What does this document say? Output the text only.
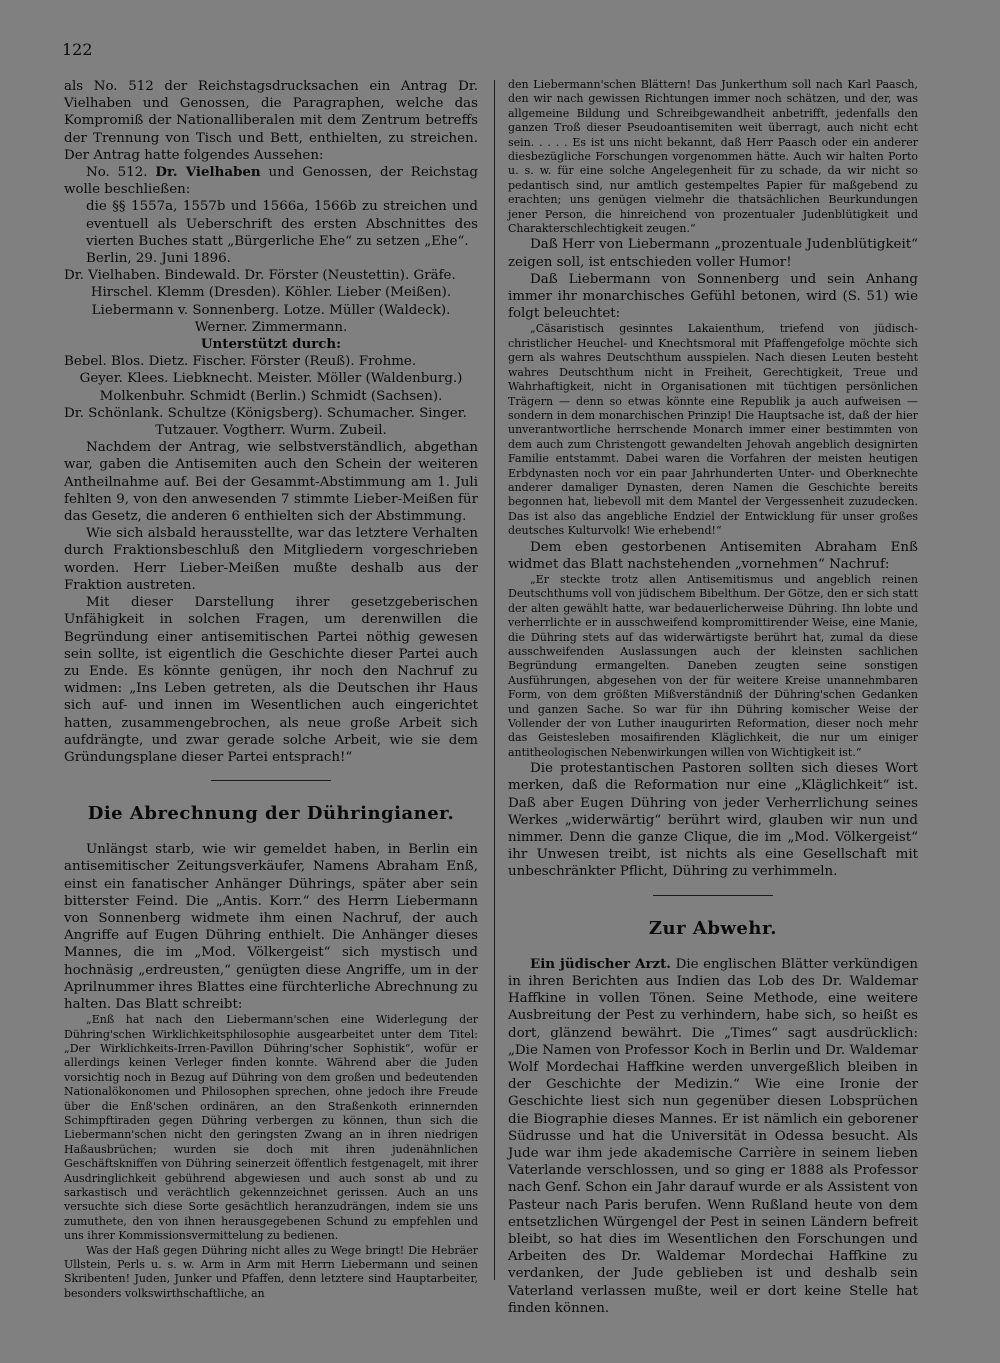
122

als No. 512 der Reichstagsdrucksachen ein Antrag Dr. Vielhaben und Genossen, die Paragraphen, welche das Kompromiß der Nationalliberalen mit dem Zentrum betreffs der Trennung von Tisch und Bett, enthielten, zu streichen. Der Antrag hatte folgendes Aussehen:

No. 512. Dr. Vielhaben und Genossen, der Reichstag wolle beschließen:

die §§ 1557a, 1557b und 1566a, 1566b zu streichen und eventuell als Ueberschrift des ersten Abschnittes des vierten Buches statt „Bürgerliche Ehe“ zu setzen „Ehe“.

Berlin, 29. Juni 1896.

Dr. Vielhaben. Bindewald. Dr. Förster (Neustettin). Gräfe.

Hirschel. Klemm (Dresden). Köhler. Lieber (Meißen).

Liebermann v. Sonnenberg. Lotze. Müller (Waldeck).

Werner. Zimmermann.

Unterstützt durch:

Bebel. Blos. Dietz. Fischer. Förster (Reuß). Frohme.

Geyer. Klees. Liebknecht. Meister. Möller (Waldenburg.)

Molkenbuhr. Schmidt (Berlin.) Schmidt (Sachsen).

Dr. Schönlank. Schultze (Königsberg). Schumacher. Singer.

Tutzauer. Vogtherr. Wurm. Zubeil.

Nachdem der Antrag, wie selbstverständlich, abgethan war, gaben die Antisemiten auch den Schein der weiteren Antheilnahme auf. Bei der Gesammt-Abstimmung am 1. Juli fehlten 9, von den anwesenden 7 stimmte Lieber-Meißen für das Gesetz, die anderen 6 enthielten sich der Abstimmung.

Wie sich alsbald herausstellte, war das letztere Verhalten durch Fraktionsbeschluß den Mitgliedern vorgeschrieben worden. Herr Lieber-Meißen mußte deshalb aus der Fraktion austreten.

Mit dieser Darstellung ihrer gesetzgeberischen Unfähigkeit in solchen Fragen, um derenwillen die Begründung einer antisemitischen Partei nöthig gewesen sein sollte, ist eigentlich die Geschichte dieser Partei auch zu Ende. Es könnte genügen, ihr noch den Nachruf zu widmen: „Ins Leben getreten, als die Deutschen ihr Haus sich auf- und innen im Wesentlichen auch eingerichtet hatten, zusammengebrochen, als neue große Arbeit sich aufdrängte, und zwar gerade solche Arbeit, wie sie dem Gründungsplane dieser Partei entsprach!“

Die Abrechnung der Dühringianer.

Unlängst starb, wie wir gemeldet haben, in Berlin ein antisemitischer Zeitungsverkäufer, Namens Abraham Enß, einst ein fanatischer Anhänger Dührings, später aber sein bitterster Feind. Die „Antis. Korr.“ des Herrn Liebermann von Sonnenberg widmete ihm einen Nachruf, der auch Angriffe auf Eugen Dühring enthielt. Die Anhänger dieses Mannes, die im „Mod. Völkergeist“ sich mystisch und hochnäsig „erdreusten,“ genügten diese Angriffe, um in der Aprilnummer ihres Blattes eine fürchterliche Abrechnung zu halten. Das Blatt schreibt:

„Enß hat nach den Liebermann'schen eine Widerlegung der Dühring'schen Wirklichkeitsphilosophie ausgearbeitet unter dem Titel: „Der Wirklichkeits-Irren-Pavillon Dühring'scher Sophistik“, wofür er allerdings keinen Verleger finden konnte. Während aber die Juden vorsichtig noch in Bezug auf Dühring von dem großen und bedeutenden Nationalökonomen und Philosophen sprechen, ohne jedoch ihre Freude über die Enß'schen ordinären, an den Straßenkoth erinnernden Schimpftiraden gegen Dühring verbergen zu können, thun sich die Liebermann'schen nicht den geringsten Zwang an in ihren niedrigen Haßausbrüchen; wurden sie doch mit ihren judenähnlichen Geschäftskniffen von Dühring seinerzeit öffentlich festgenagelt, mit ihrer Ausdringlichkeit gebührend abgewiesen und auch sonst ab und zu sarkastisch und verächtlich gekennzeichnet gerissen. Auch an uns versuchte sich diese Sorte gesächtlich heranzudrängen, indem sie uns zumuthete, den von ihnen herausgegebenen Schund zu empfehlen und uns ihrer Kommissionsvermittelung zu bedienen.

Was der Haß gegen Dühring nicht alles zu Wege bringt! Die Hebräer Ullstein, Perls u. s. w. Arm in Arm mit Herrn Liebermann und seinen Skribenten! Juden, Junker und Pfaffen, denn letztere sind Hauptarbeiter, besonders volkswirthschaftliche, an

den Liebermann'schen Blättern! Das Junkerthum soll nach Karl Paasch, den wir nach gewissen Richtungen immer noch schätzen, und der, was allgemeine Bildung und Schreibgewandheit anbetrifft, jedenfalls den ganzen Troß dieser Pseudoantisemiten weit überragt, auch nicht echt sein. . . . . Es ist uns nicht bekannt, daß Herr Paasch oder ein anderer diesbezügliche Forschungen vorgenommen hätte. Auch wir halten Porto u. s. w. für eine solche Angelegenheit für zu schade, da wir nicht so pedantisch sind, nur amtlich gestempeltes Papier für maßgebend zu erachten; uns genügen vielmehr die thatsächlichen Beurkundungen jener Person, die hinreichend von prozentualer Judenblütigkeit und Charakterschlechtigkeit zeugen.“

Daß Herr von Liebermann „prozentuale Judenblütigkeit“ zeigen soll, ist entschieden voller Humor!

Daß Liebermann von Sonnenberg und sein Anhang immer ihr monarchisches Gefühl betonen, wird (S. 51) wie folgt beleuchtet:

„Cäsaristisch gesinntes Lakaienthum, triefend von jüdisch-christlicher Heuchel- und Knechtsmoral mit Pfaffengefolge möchte sich gern als wahres Deutschthum ausspielen. Nach diesen Leuten besteht wahres Deutschthum nicht in Freiheit, Gerechtigkeit, Treue und Wahrhaftigkeit, nicht in Organisationen mit tüchtigen persönlichen Trägern — denn so etwas könnte eine Republik ja auch aufweisen — sondern in dem monarchischen Prinzip! Die Hauptsache ist, daß der hier unverantwortliche herrschende Monarch immer einer bestimmten von dem auch zum Christengott gewandelten Jehovah angeblich designirten Familie entstammt. Dabei waren die Vorfahren der meisten heutigen Erbdynasten noch vor ein paar Jahrhunderten Unter- und Oberknechte anderer damaliger Dynasten, deren Namen die Geschichte bereits begonnen hat, liebevoll mit dem Mantel der Vergessenheit zuzudecken. Das ist also das angebliche Endziel der Entwicklung für unser großes deutsches Kulturvolk! Wie erhebend!“

Dem eben gestorbenen Antisemiten Abraham Enß widmet das Blatt nachstehenden „vornehmen“ Nachruf:

„Er steckte trotz allen Antisemitismus und angeblich reinen Deutschthums voll von jüdischem Bibelthum. Der Götze, den er sich statt der alten gewählt hatte, war bedauerlicherweise Dühring. Ihn lobte und verherrlichte er in ausschweifend kompromittirender Weise, eine Manie, die Dühring stets auf das widerwärtigste berührt hat, zumal da diese ausschweifenden Auslassungen auch der kleinsten sachlichen Begründung ermangelten. Daneben zeugten seine sonstigen Ausführungen, abgesehen von der für weitere Kreise unannehmbaren Form, von dem größten Mißverständniß der Dühring'schen Gedanken und ganzen Sache. So war für ihn Dühring komischer Weise der Vollender der von Luther inaugurirten Reformation, dieser noch mehr das Geistesleben mosaifirenden Kläglichkeit, die nur um einiger antitheologischen Nebenwirkungen willen von Wichtigkeit ist.“

Die protestantischen Pastoren sollten sich dieses Wort merken, daß die Reformation nur eine „Kläglichkeit“ ist. Daß aber Eugen Dühring von jeder Verherrlichung seines Werkes „widerwärtig“ berührt wird, glauben wir nun und nimmer. Denn die ganze Clique, die im „Mod. Völkergeist“ ihr Unwesen treibt, ist nichts als eine Gesellschaft mit unbeschränkter Pflicht, Dühring zu verhimmeln.

Zur Abwehr.

Ein jüdischer Arzt. Die englischen Blätter verkündigen in ihren Berichten aus Indien das Lob des Dr. Waldemar Haffkine in vollen Tönen. Seine Methode, eine weitere Ausbreitung der Pest zu verhindern, habe sich, so heißt es dort, glänzend bewährt. Die „Times“ sagt ausdrücklich: „Die Namen von Professor Koch in Berlin und Dr. Waldemar Wolf Mordechai Haffkine werden unvergeßlich bleiben in der Geschichte der Medizin.“ Wie eine Ironie der Geschichte liest sich nun gegenüber diesen Lobsprüchen die Biographie dieses Mannes. Er ist nämlich ein geborener Südrusse und hat die Universität in Odessa besucht. Als Jude war ihm jede akademische Carrière in seinem lieben Vaterlande verschlossen, und so ging er 1888 als Professor nach Genf. Schon ein Jahr darauf wurde er als Assistent von Pasteur nach Paris berufen. Wenn Rußland heute von dem entsetzlichen Würgengel der Pest in seinen Ländern befreit bleibt, so hat dies im Wesentlichen den Forschungen und Arbeiten des Dr. Waldemar Mordechai Haffkine zu verdanken, der Jude geblieben ist und deshalb sein Vaterland verlassen mußte, weil er dort keine Stelle hat finden können.
